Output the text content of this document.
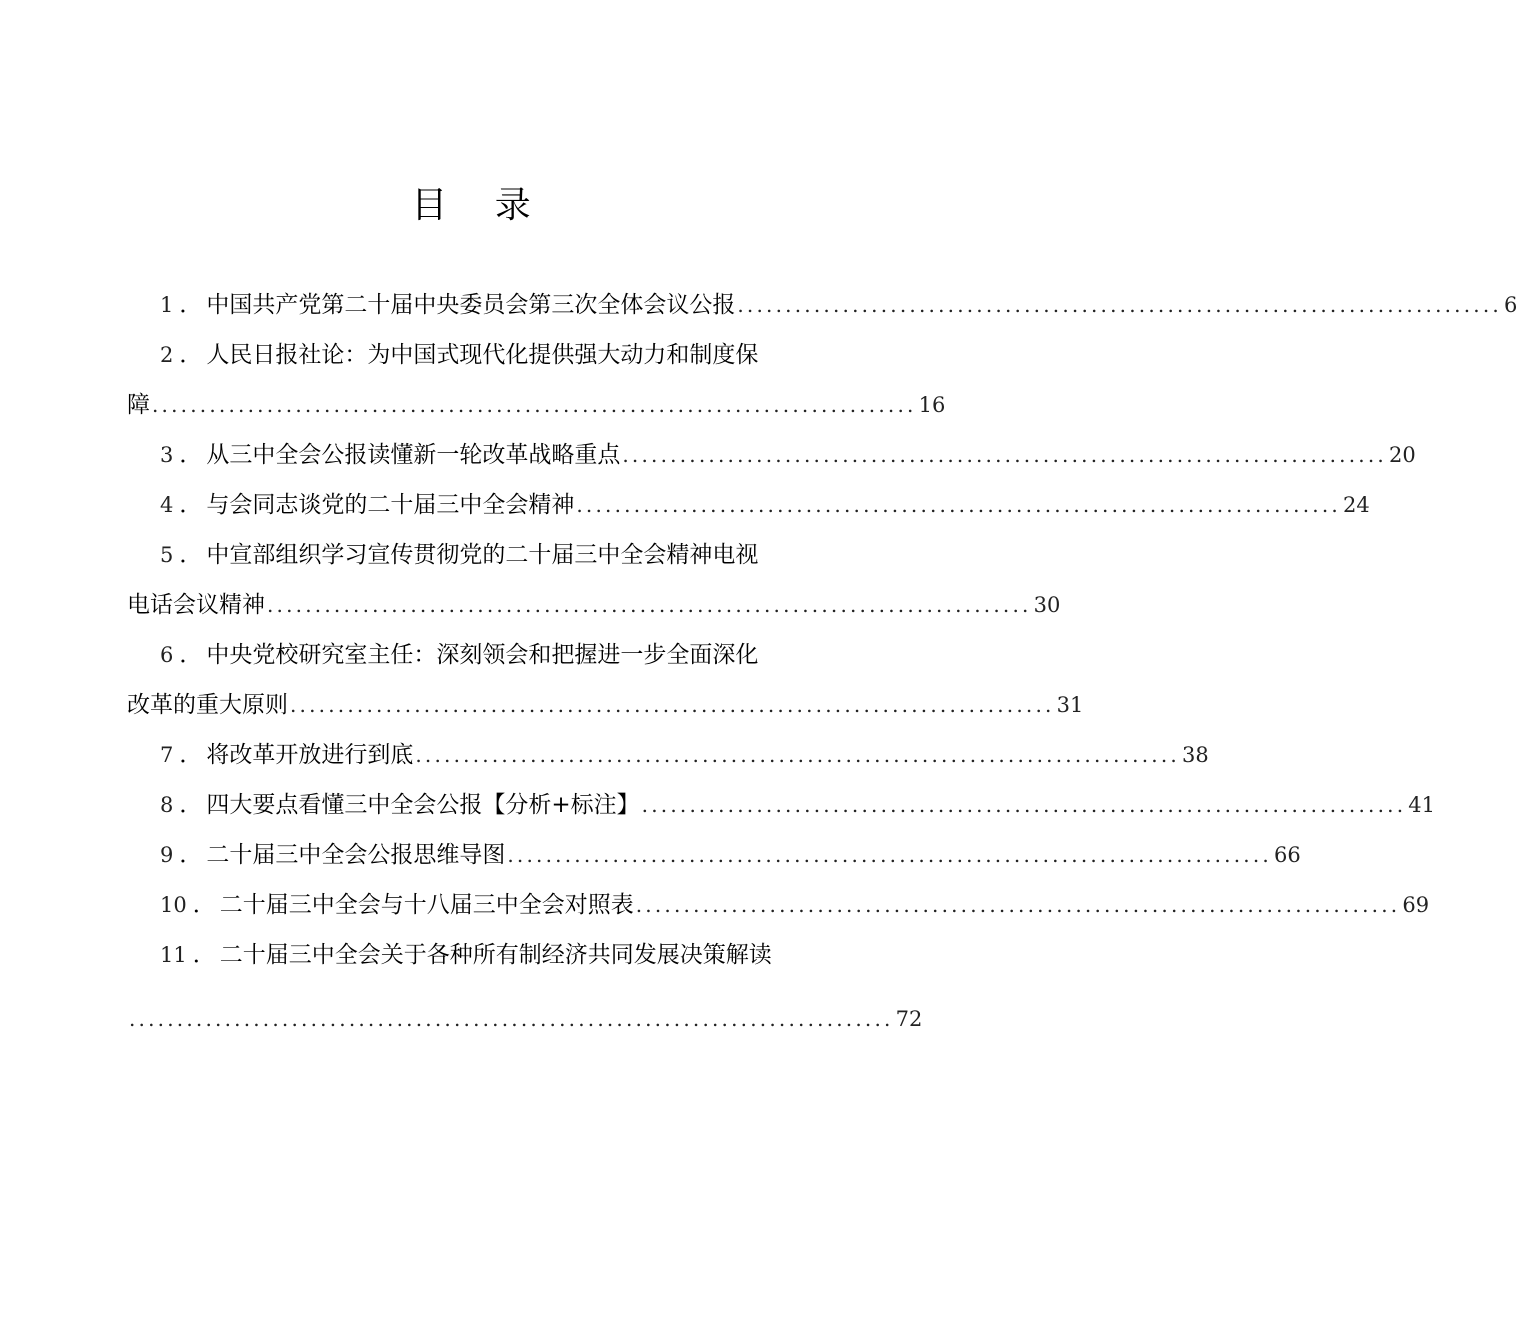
目 录
1 ． 中国共产党第二十届中央委员会第三次全体会议公报 ................................................................................ 6
2 ． 人民日报社论：为中国式现代化提供强大动力和制度保
障 ................................................................................ 16
3 ． 从三中全会公报读懂新一轮改革战略重点 ................................................................................ 20
4 ． 与会同志谈党的二十届三中全会精神 ................................................................................ 24
5 ． 中宣部组织学习宣传贯彻党的二十届三中全会精神电视
电话会议精神 ................................................................................ 30
6 ． 中央党校研究室主任：深刻领会和把握进一步全面深化
改革的重大原则 ................................................................................ 31
7 ． 将改革开放进行到底 ................................................................................ 38
8 ． 四大要点看懂三中全会公报【分析+标注】 ................................................................................ 41
9 ． 二十届三中全会公报思维导图 ................................................................................ 66
10 ． 二十届三中全会与十八届三中全会对照表 ................................................................................ 69
11 ． 二十届三中全会关于各种所有制经济共同发展决策解读
................................................................................ 72
